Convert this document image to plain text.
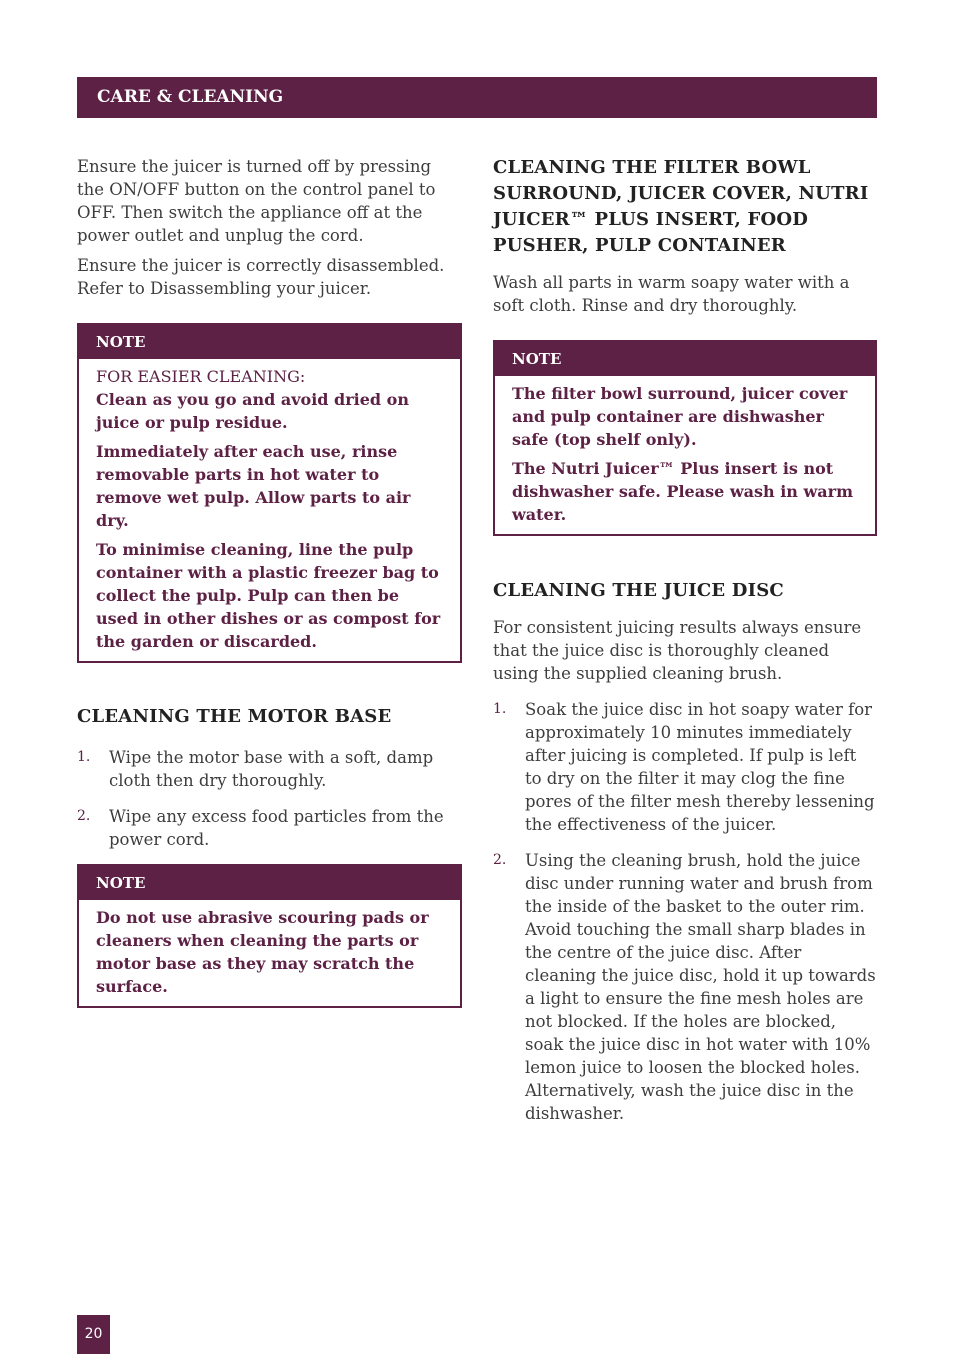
CARE & CLEANING

Ensure the juicer is turned off by pressing the ON/OFF button on the control panel to OFF. Then switch the appliance off at the power outlet and unplug the cord.

Ensure the juicer is correctly disassembled. Refer to Disassembling your juicer.

NOTE

FOR EASIER CLEANING:

Clean as you go and avoid dried on juice or pulp residue.

Immediately after each use, rinse removable parts in hot water to remove wet pulp. Allow parts to air dry.

To minimise cleaning, line the pulp container with a plastic freezer bag to collect the pulp. Pulp can then be used in other dishes or as compost for the garden or discarded.

CLEANING THE MOTOR BASE
1. Wipe the motor base with a soft, damp cloth then dry thoroughly.
2. Wipe any excess food particles from the power cord.
NOTE

Do not use abrasive scouring pads or cleaners when cleaning the parts or motor base as they may scratch the surface.

CLEANING THE FILTER BOWL SURROUND, JUICER COVER, NUTRI JUICER™ PLUS INSERT, FOOD PUSHER, PULP CONTAINER

Wash all parts in warm soapy water with a soft cloth. Rinse and dry thoroughly.

NOTE

The filter bowl surround, juicer cover and pulp container are dishwasher safe (top shelf only).

The Nutri Juicer™ Plus insert is not dishwasher safe. Please wash in warm water.

CLEANING THE JUICE DISC

For consistent juicing results always ensure that the juice disc is thoroughly cleaned using the supplied cleaning brush.

1. Soak the juice disc in hot soapy water for approximately 10 minutes immediately after juicing is completed. If pulp is left to dry on the filter it may clog the fine pores of the filter mesh thereby lessening the effectiveness of the juicer.
2. Using the cleaning brush, hold the juice disc under running water and brush from the inside of the basket to the outer rim. Avoid touching the small sharp blades in the centre of the juice disc. After cleaning the juice disc, hold it up towards a light to ensure the fine mesh holes are not blocked. If the holes are blocked, soak the juice disc in hot water with 10% lemon juice to loosen the blocked holes. Alternatively, wash the juice disc in the dishwasher.
20
